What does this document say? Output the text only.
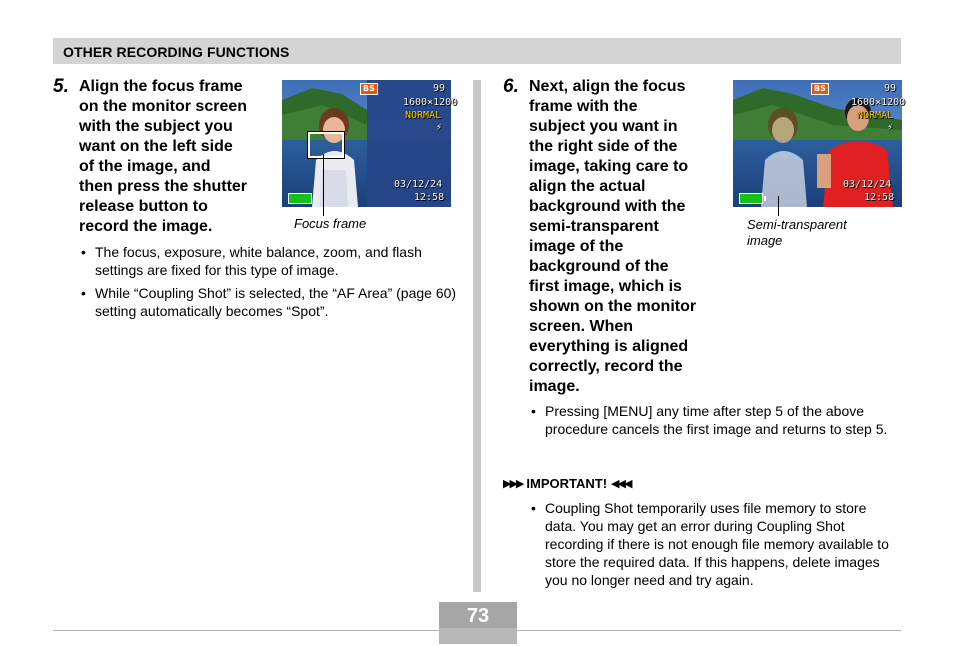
OTHER RECORDING FUNCTIONS
5. Align the focus frame
on the monitor screen
with the subject you
want on the left side
of the image, and
then press the shutter
release button to
record the image.
BS	99
1600×1200
NORMAL
⚡
03/12/24
12:58
Focus frame
• The focus, exposure, white balance, zoom, and flash settings are fixed for this type of image.
• While “Coupling Shot” is selected, the “AF Area” (page 60) setting automatically becomes “Spot”.
6. Next, align the focus
frame with the
subject you want in
the right side of the
image, taking care to
align the actual
background with the
semi-transparent
image of the
background of the
first image, which is
shown on the monitor
screen. When
everything is aligned
correctly, record the
image.
BS	99
1600×1200
NORMAL
⚡
03/12/24
12:58
Semi-transparent
image
• Pressing [MENU] any time after step 5 of the above procedure cancels the first image and returns to step 5.
▶▶▶ IMPORTANT! ◀◀◀
• Coupling Shot temporarily uses file memory to store data. You may get an error during Coupling Shot recording if there is not enough file memory available to store the required data. If this happens, delete images you no longer need and try again.
73
